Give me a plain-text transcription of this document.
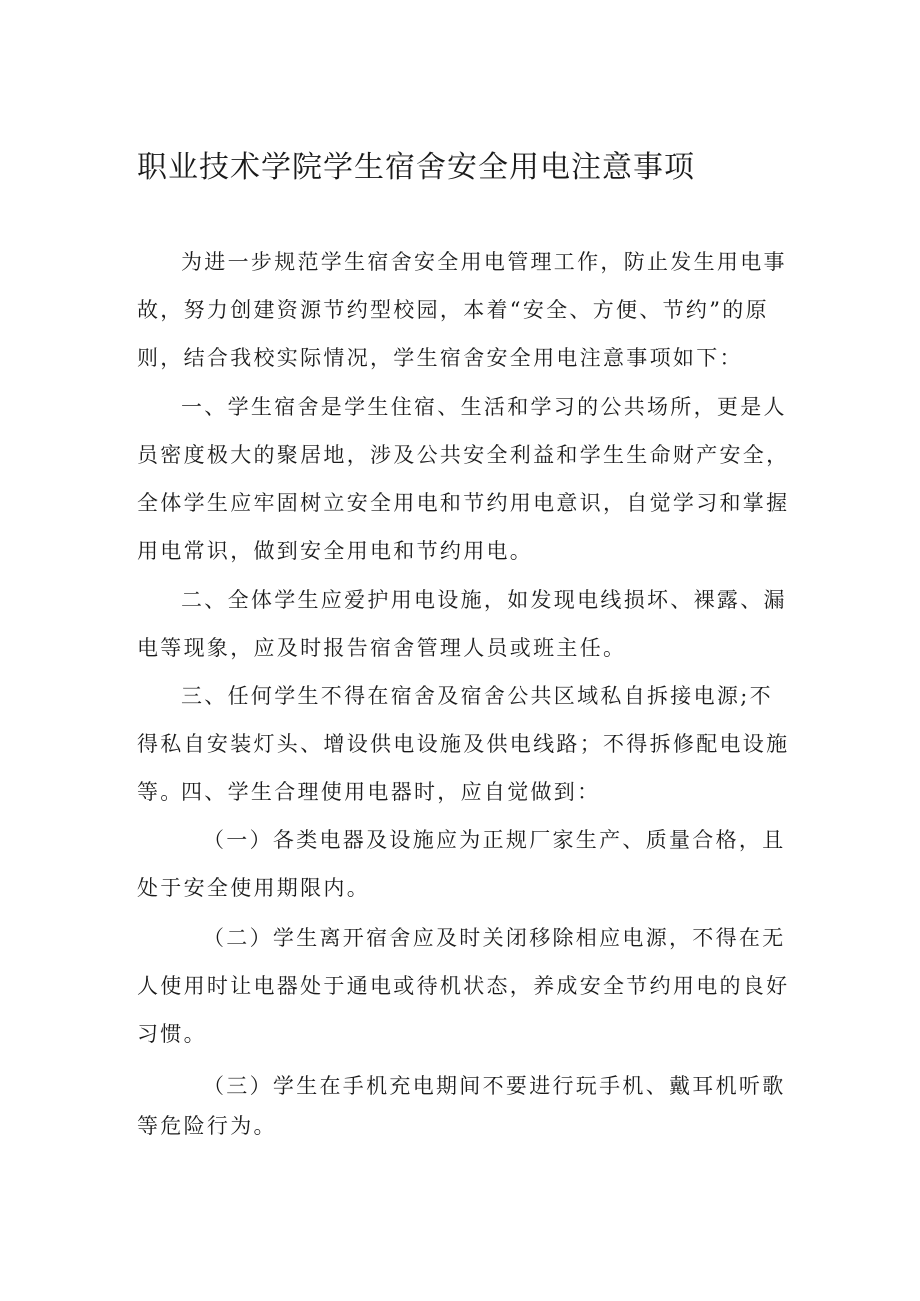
职业技术学院学生宿舍安全用电注意事项

为进一步规范学生宿舍安全用电管理工作，防止发生用电事故，努力创建资源节约型校园，本着“安全、方便、节约”的原则，结合我校实际情况，学生宿舍安全用电注意事项如下：

一、学生宿舍是学生住宿、生活和学习的公共场所，更是人员密度极大的聚居地，涉及公共安全利益和学生生命财产安全，全体学生应牢固树立安全用电和节约用电意识，自觉学习和掌握用电常识，做到安全用电和节约用电。

二、全体学生应爱护用电设施，如发现电线损坏、裸露、漏电等现象，应及时报告宿舍管理人员或班主任。

三、任何学生不得在宿舍及宿舍公共区域私自拆接电源;不得私自安装灯头、增设供电设施及供电线路；不得拆修配电设施等。

四、学生合理使用电器时，应自觉做到：

（一）各类电器及设施应为正规厂家生产、质量合格，且处于安全使用期限内。

（二）学生离开宿舍应及时关闭移除相应电源，不得在无人使用时让电器处于通电或待机状态，养成安全节约用电的良好习惯。

（三）学生在手机充电期间不要进行玩手机、戴耳机听歌等危险行为。
